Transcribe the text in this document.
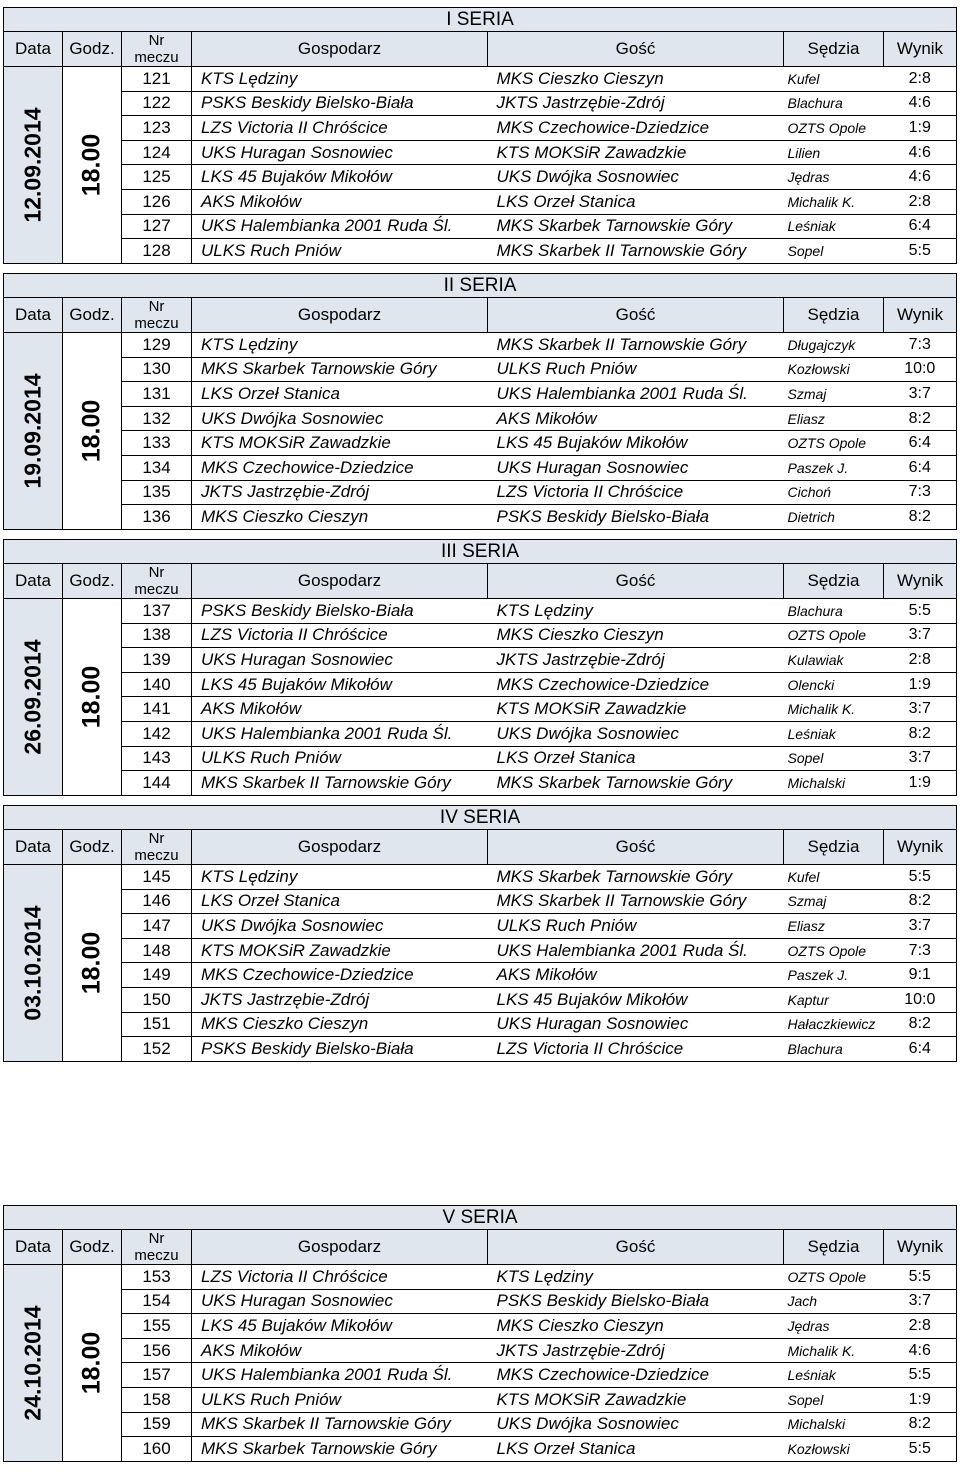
I SERIA						
Data	Godz.	Nr
meczu	Gospodarz	Gość	Sędzia	Wynik

12.09.2014	18.00	121	KTS Lędziny	MKS Cieszko Cieszyn	Kufel	2:8
		122	PSKS Beskidy Bielsko-Biała	JKTS Jastrzębie-Zdrój	Blachura	4:6
		123	LZS Victoria II Chróścice	MKS Czechowice-Dziedzice	OZTS Opole	1:9
		124	UKS Huragan Sosnowiec	KTS MOKSiR Zawadzkie	Lilien	4:6
		125	LKS 45 Bujaków Mikołów	UKS Dwójka Sosnowiec	Jędras	4:6
		126	AKS Mikołów	LKS Orzeł Stanica	Michalik K.	2:8
		127	UKS Halembianka 2001 Ruda Śl.	MKS Skarbek Tarnowskie Góry	Leśniak	6:4
		128	ULKS Ruch Pniów	MKS Skarbek II Tarnowskie Góry	Sopel	5:5
II SERIA						
Data	Godz.	Nr
meczu	Gospodarz	Gość	Sędzia	Wynik

19.09.2014	18.00	129	KTS Lędziny	MKS Skarbek II Tarnowskie Góry	Długajczyk	7:3
		130	MKS Skarbek Tarnowskie Góry	ULKS Ruch Pniów	Kozłowski	10:0
		131	LKS Orzeł Stanica	UKS Halembianka 2001 Ruda Śl.	Szmaj	3:7
		132	UKS Dwójka Sosnowiec	AKS Mikołów	Eliasz	8:2
		133	KTS MOKSiR Zawadzkie	LKS 45 Bujaków Mikołów	OZTS Opole	6:4
		134	MKS Czechowice-Dziedzice	UKS Huragan Sosnowiec	Paszek J.	6:4
		135	JKTS Jastrzębie-Zdrój	LZS Victoria II Chróścice	Cichoń	7:3
		136	MKS Cieszko Cieszyn	PSKS Beskidy Bielsko-Biała	Dietrich	8:2
III SERIA						
Data	Godz.	Nr
meczu	Gospodarz	Gość	Sędzia	Wynik

26.09.2014	18.00	137	PSKS Beskidy Bielsko-Biała	KTS Lędziny	Blachura	5:5
		138	LZS Victoria II Chróścice	MKS Cieszko Cieszyn	OZTS Opole	3:7
		139	UKS Huragan Sosnowiec	JKTS Jastrzębie-Zdrój	Kulawiak	2:8
		140	LKS 45 Bujaków Mikołów	MKS Czechowice-Dziedzice	Olencki	1:9
		141	AKS Mikołów	KTS MOKSiR Zawadzkie	Michalik K.	3:7
		142	UKS Halembianka 2001 Ruda Śl.	UKS Dwójka Sosnowiec	Leśniak	8:2
		143	ULKS Ruch Pniów	LKS Orzeł Stanica	Sopel	3:7
		144	MKS Skarbek II Tarnowskie Góry	MKS Skarbek Tarnowskie Góry	Michalski	1:9
IV SERIA						
Data	Godz.	Nr
meczu	Gospodarz	Gość	Sędzia	Wynik

03.10.2014	18.00	145	KTS Lędziny	MKS Skarbek Tarnowskie Góry	Kufel	5:5
		146	LKS Orzeł Stanica	MKS Skarbek II Tarnowskie Góry	Szmaj	8:2
		147	UKS Dwójka Sosnowiec	ULKS Ruch Pniów	Eliasz	3:7
		148	KTS MOKSiR Zawadzkie	UKS Halembianka 2001 Ruda Śl.	OZTS Opole	7:3
		149	MKS Czechowice-Dziedzice	AKS Mikołów	Paszek J.	9:1
		150	JKTS Jastrzębie-Zdrój	LKS 45 Bujaków Mikołów	Kaptur	10:0
		151	MKS Cieszko Cieszyn	UKS Huragan Sosnowiec	Hałaczkiewicz	8:2
		152	PSKS Beskidy Bielsko-Biała	LZS Victoria II Chróścice	Blachura	6:4
V SERIA						
Data	Godz.	Nr
meczu	Gospodarz	Gość	Sędzia	Wynik

24.10.2014	18.00	153	LZS Victoria II Chróścice	KTS Lędziny	OZTS Opole	5:5
		154	UKS Huragan Sosnowiec	PSKS Beskidy Bielsko-Biała	Jach	3:7
		155	LKS 45 Bujaków Mikołów	MKS Cieszko Cieszyn	Jędras	2:8
		156	AKS Mikołów	JKTS Jastrzębie-Zdrój	Michalik K.	4:6
		157	UKS Halembianka 2001 Ruda Śl.	MKS Czechowice-Dziedzice	Leśniak	5:5
		158	ULKS Ruch Pniów	KTS MOKSiR Zawadzkie	Sopel	1:9
		159	MKS Skarbek II Tarnowskie Góry	UKS Dwójka Sosnowiec	Michalski	8:2
		160	MKS Skarbek Tarnowskie Góry	LKS Orzeł Stanica	Kozłowski	5:5
